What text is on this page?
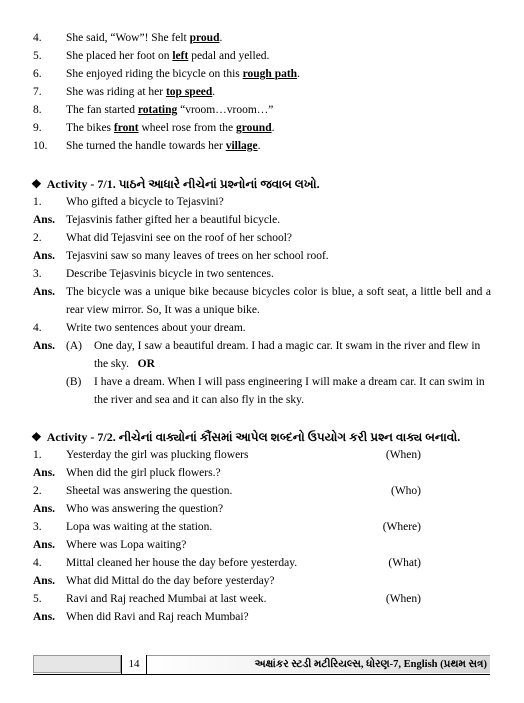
4. She said, “Wow”! She felt proud.
5. She placed her foot on left pedal and yelled.
6. She enjoyed riding the bicycle on this rough path.
7. She was riding at her top speed.
8. The fan started rotating “vroom…vroom…”
9. The bikes front wheel rose from the ground.
10. She turned the handle towards her village.
❖ Activity - 7/1. પાઠને આધારે નીચેનાં પ્રશ્નોનાં જવાબ લખો.
1. Who gifted a bicycle to Tejasvini?
Ans. Tejasvinis father gifted her a beautiful bicycle.
2. What did Tejasvini see on the roof of her school?
Ans. Tejasvini saw so many leaves of trees on her school roof.
3. Describe Tejasvinis bicycle in two sentences.
Ans. The bicycle was a unique bike because bicycles color is blue, a soft seat, a little bell and a
rear view mirror. So, It was a unique bike.
4. Write two sentences about your dream.
Ans. (A) One day, I saw a beautiful dream. I had a magic car. It swam in the river and flew in
the sky. OR
(B) I have a dream. When I will pass engineering I will make a dream car. It can swim in
the river and sea and it can also fly in the sky.
❖ Activity - 7/2. નીચેનાં વાક્યોનાં કૌંસમાં આપેલ શબ્દનો ઉપયોગ કરી પ્રશ્ન વાક્ય બનાવો.
1. Yesterday the girl was plucking flowers	(When)
Ans. When did the girl pluck flowers.?
2. Sheetal was answering the question.	(Who)
Ans. Who was answering the question?
3. Lopa was waiting at the station.	(Where)
Ans. Where was Lopa waiting?
4. Mittal cleaned her house the day before yesterday.	(What)
Ans. What did Mittal do the day before yesterday?
5. Ravi and Raj reached Mumbai at last week.	(When)
Ans. When did Ravi and Raj reach Mumbai?
14	અક્ષાંકર સ્ટડી મટીરિયલ્સ, ધોરણ-7, English (પ્રથમ સત્ર)
